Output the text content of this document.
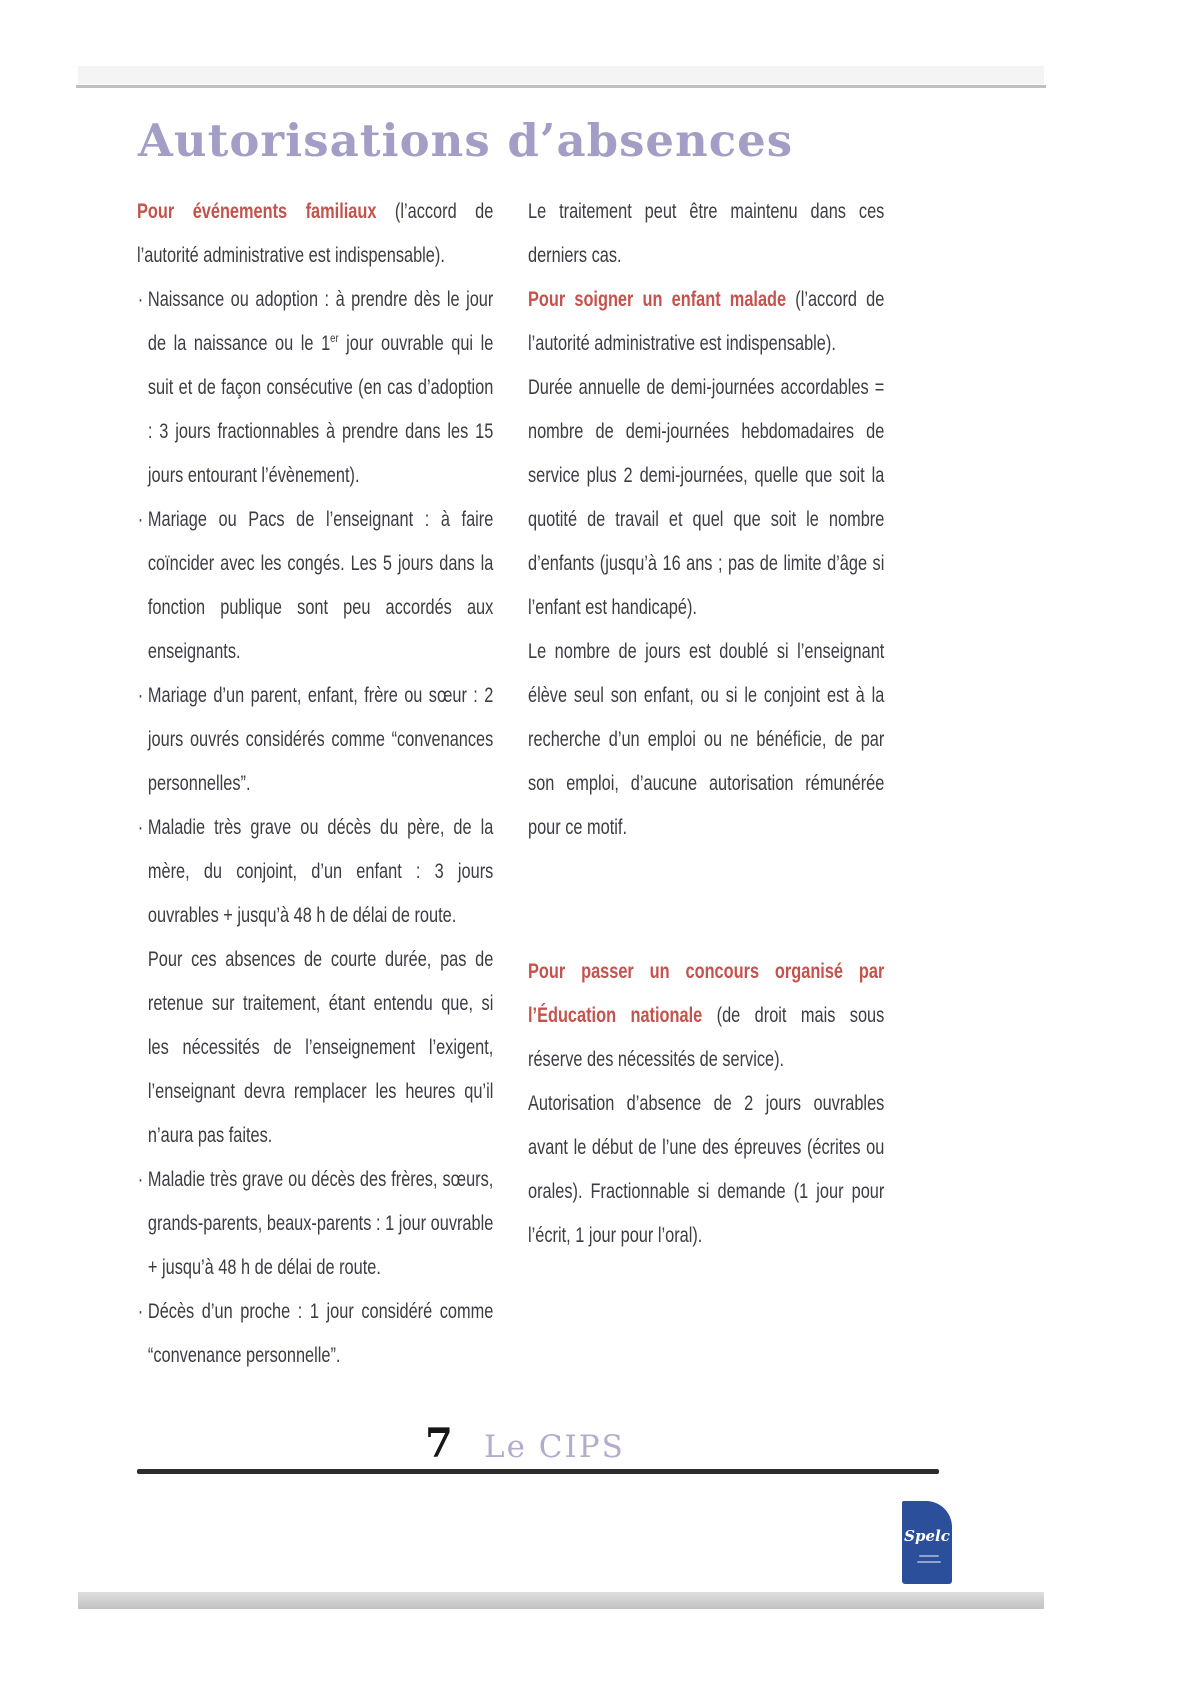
Autorisations d’absences

Pour événements familiaux (l’accord de l’autorité administrative est indispensable).

· Naissance ou adoption : à prendre dès le jour de la naissance ou le 1er jour ouvrable qui le suit et de façon consécutive (en cas d’adoption : 3 jours fractionnables à prendre dans les 15 jours entourant l’évènement).
· Mariage ou Pacs de l’enseignant : à faire coïncider avec les congés. Les 5 jours dans la fonction publique sont peu accordés aux enseignants.
· Mariage d’un parent, enfant, frère ou sœur : 2 jours ouvrés considérés comme “convenances personnelles”.
· Maladie très grave ou décès du père, de la mère, du conjoint, d’un enfant : 3 jours ouvrables + jusqu’à 48 h de délai de route.
Pour ces absences de courte durée, pas de retenue sur traitement, étant entendu que, si les nécessités de l’enseignement l’exigent, l’enseignant devra remplacer les heures qu’il n’aura pas faites.
· Maladie très grave ou décès des frères, sœurs, grands-parents, beaux-parents : 1 jour ouvrable + jusqu’à 48 h de délai de route.
· Décès d’un proche : 1 jour considéré comme “convenance personnelle”.

Le traitement peut être maintenu dans ces derniers cas.

Pour soigner un enfant malade (l’accord de l’autorité administrative est indispensable).

Durée annuelle de demi-journées accordables = nombre de demi-journées hebdomadaires de service plus 2 demi-journées, quelle que soit la quotité de travail et quel que soit le nombre d’enfants (jusqu’à 16 ans ; pas de limite d’âge si l’enfant est handicapé).

Le nombre de jours est doublé si l’enseignant élève seul son enfant, ou si le conjoint est à la recherche d’un emploi ou ne bénéficie, de par son emploi, d’aucune autorisation rémunérée pour ce motif.

Pour passer un concours organisé par l’Éducation nationale (de droit mais sous réserve des nécessités de service).

Autorisation d’absence de 2 jours ouvrables avant le début de l’une des épreuves (écrites ou orales). Fractionnable si demande (1 jour pour l’écrit, 1 jour pour l’oral).

7 Le CIPS
Spelc
